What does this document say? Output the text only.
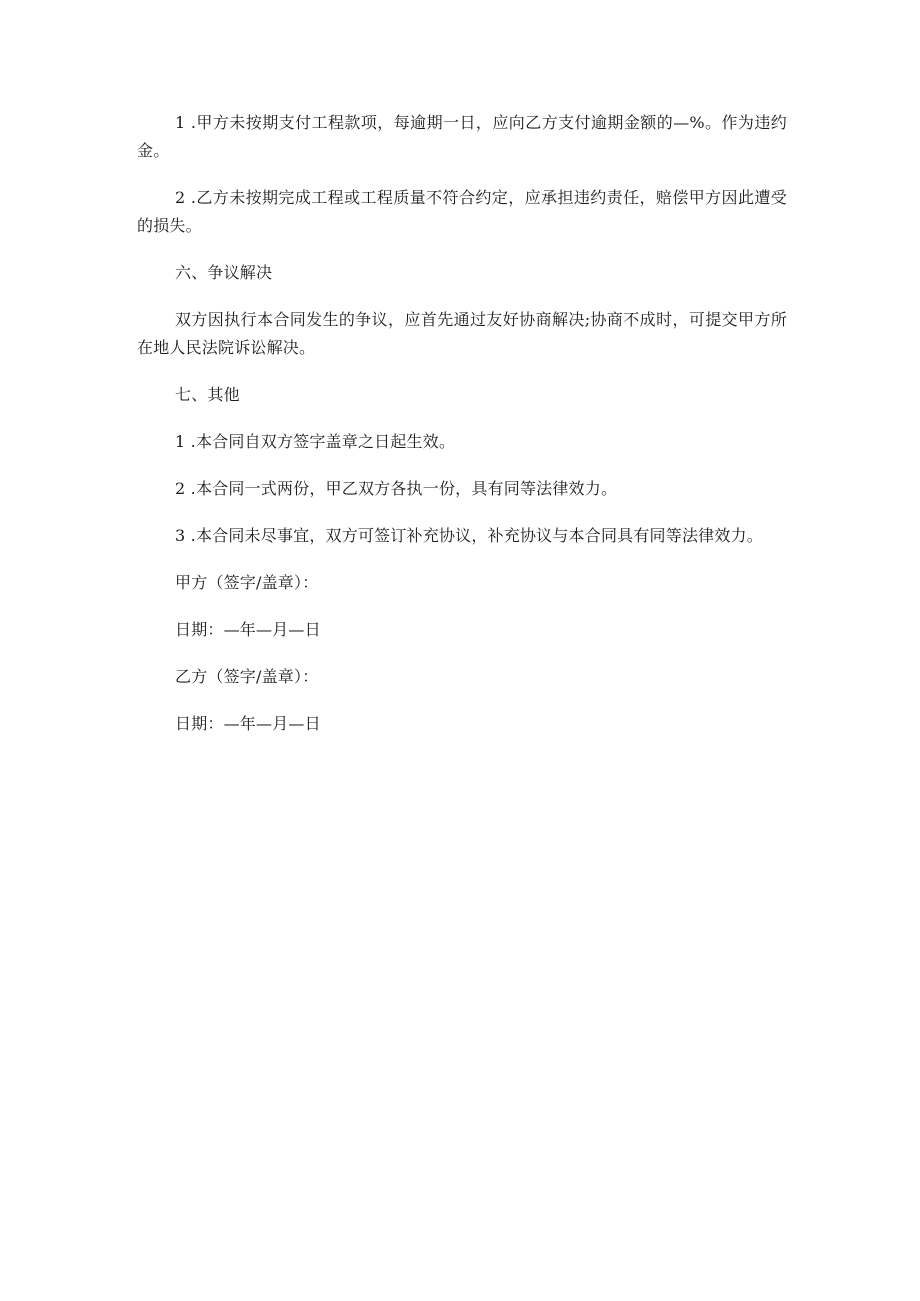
1 .甲方未按期支付工程款项，每逾期一日，应向乙方支付逾期金额的—%。作为违约金。

2 .乙方未按期完成工程或工程质量不符合约定，应承担违约责任，赔偿甲方因此遭受的损失。

六、争议解决

双方因执行本合同发生的争议，应首先通过友好协商解决;协商不成时，可提交甲方所在地人民法院诉讼解决。

七、其他

1 .本合同自双方签字盖章之日起生效。

2 .本合同一式两份，甲乙双方各执一份，具有同等法律效力。

3 .本合同未尽事宜，双方可签订补充协议，补充协议与本合同具有同等法律效力。

甲方（签字/盖章）：

日期：—年—月—日

乙方（签字/盖章）：

日期：—年—月—日
